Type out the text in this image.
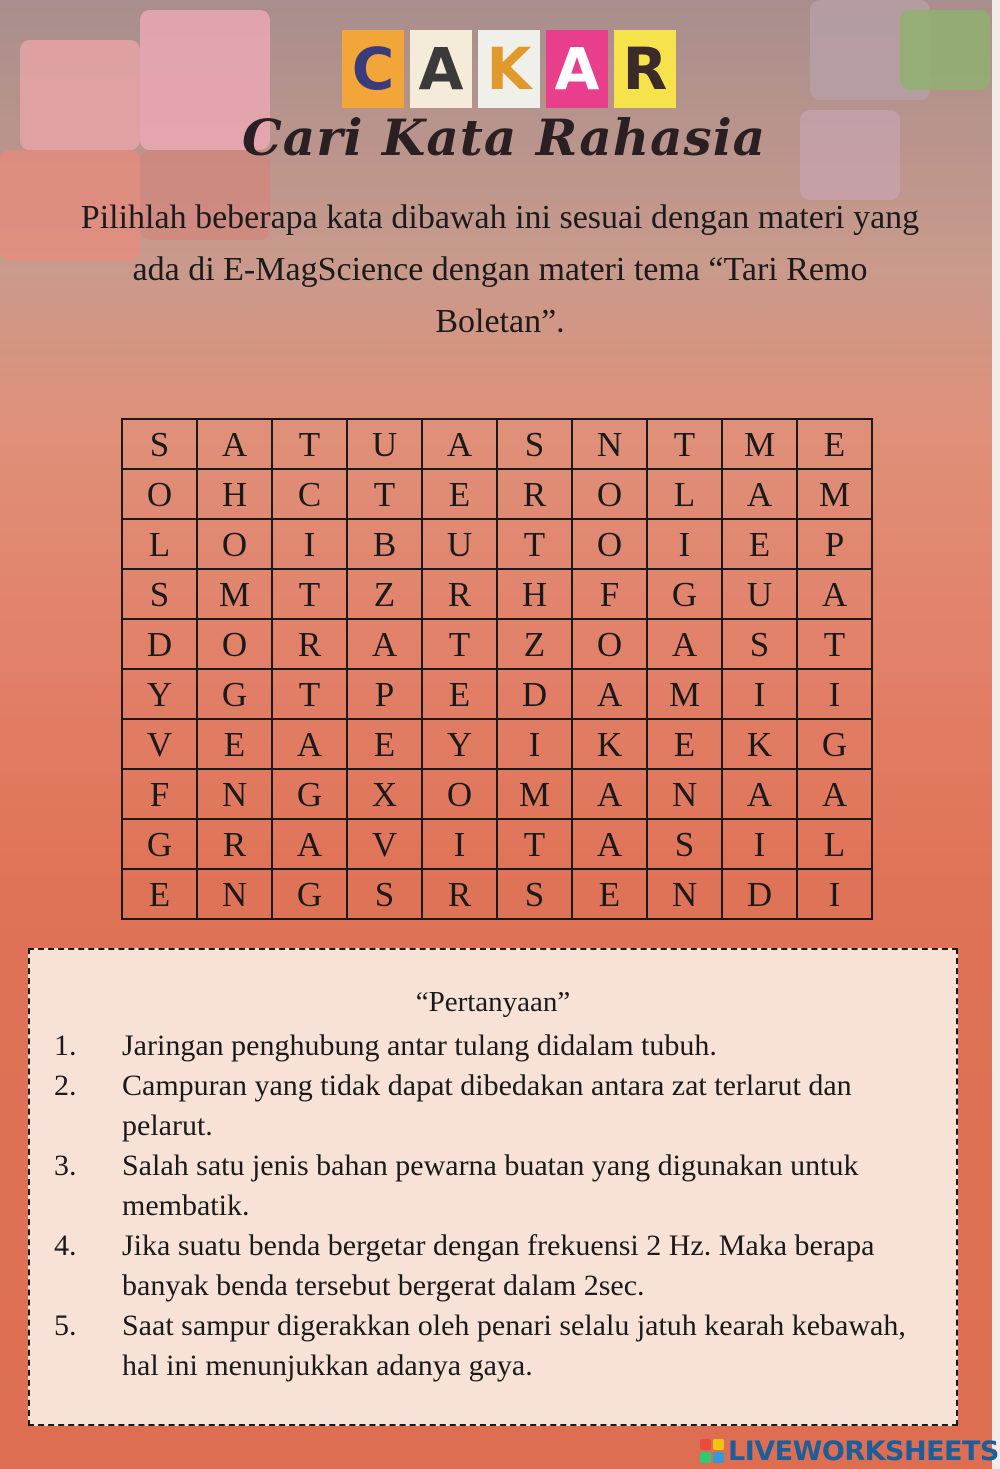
C A K A R
Cari Kata Rahasia
Pilihlah beberapa kata dibawah ini sesuai dengan materi yang ada di E-MagScience dengan materi tema “Tari Remo Boletan”.
S	A	T	U	A	S	N	T	M	E
O	H	C	T	E	R	O	L	A	M
L	O	I	B	U	T	O	I	E	P
S	M	T	Z	R	H	F	G	U	A
D	O	R	A	T	Z	O	A	S	T
Y	G	T	P	E	D	A	M	I	I
V	E	A	E	Y	I	K	E	K	G
F	N	G	X	O	M	A	N	A	A
G	R	A	V	I	T	A	S	I	L
E	N	G	S	R	S	E	N	D	I
“Pertanyaan”
1.	Jaringan penghubung antar tulang didalam tubuh.
2.	Campuran yang tidak dapat dibedakan antara zat terlarut dan pelarut.
3.	Salah satu jenis bahan pewarna buatan yang digunakan untuk membatik.
4.	Jika suatu benda bergetar dengan frekuensi 2 Hz. Maka berapa banyak benda tersebut bergerat dalam 2sec.
5.	Saat sampur digerakkan oleh penari selalu jatuh kearah kebawah, hal ini menunjukkan adanya gaya.
LIVEWORKSHEETS
